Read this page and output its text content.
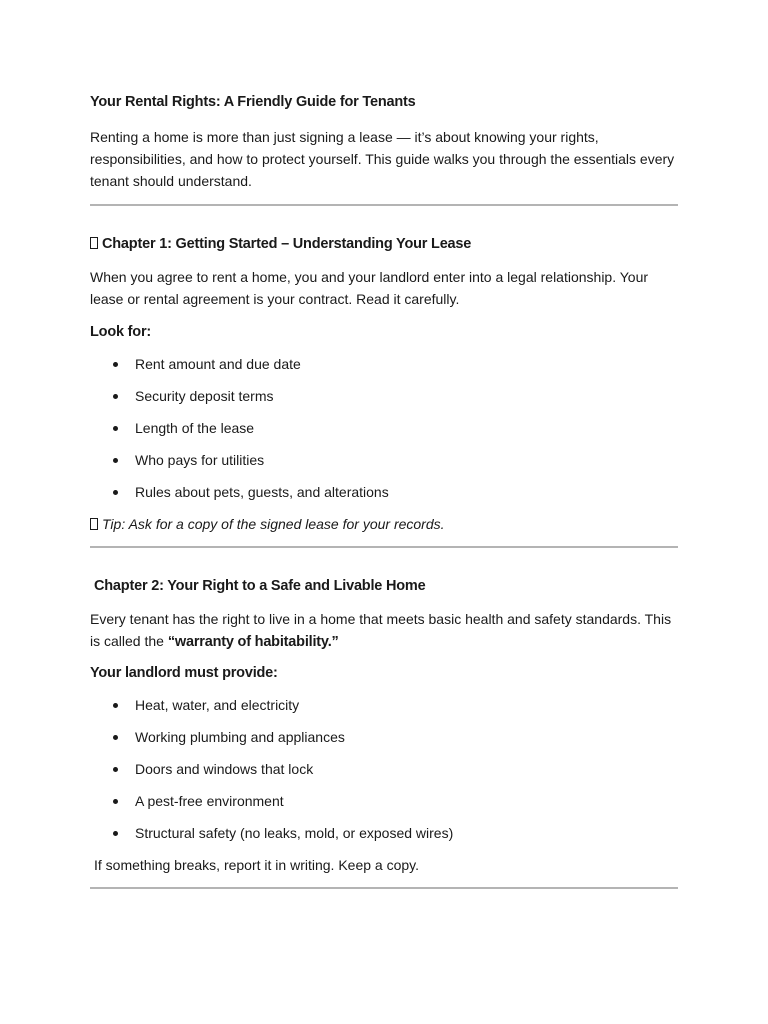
Your Rental Rights: A Friendly Guide for Tenants

Renting a home is more than just signing a lease — it’s about knowing your rights, responsibilities, and how to protect yourself. This guide walks you through the essentials every tenant should understand.

Chapter 1: Getting Started – Understanding Your Lease

When you agree to rent a home, you and your landlord enter into a legal relationship. Your lease or rental agreement is your contract. Read it carefully.

Look for:

Rent amount and due date
Security deposit terms
Length of the lease
Who pays for utilities
Rules about pets, guests, and alterations

Tip: Ask for a copy of the signed lease for your records.

Chapter 2: Your Right to a Safe and Livable Home

Every tenant has the right to live in a home that meets basic health and safety standards. This is called the “warranty of habitability.”

Your landlord must provide:

Heat, water, and electricity
Working plumbing and appliances
Doors and windows that lock
A pest-free environment
Structural safety (no leaks, mold, or exposed wires)

If something breaks, report it in writing. Keep a copy.
